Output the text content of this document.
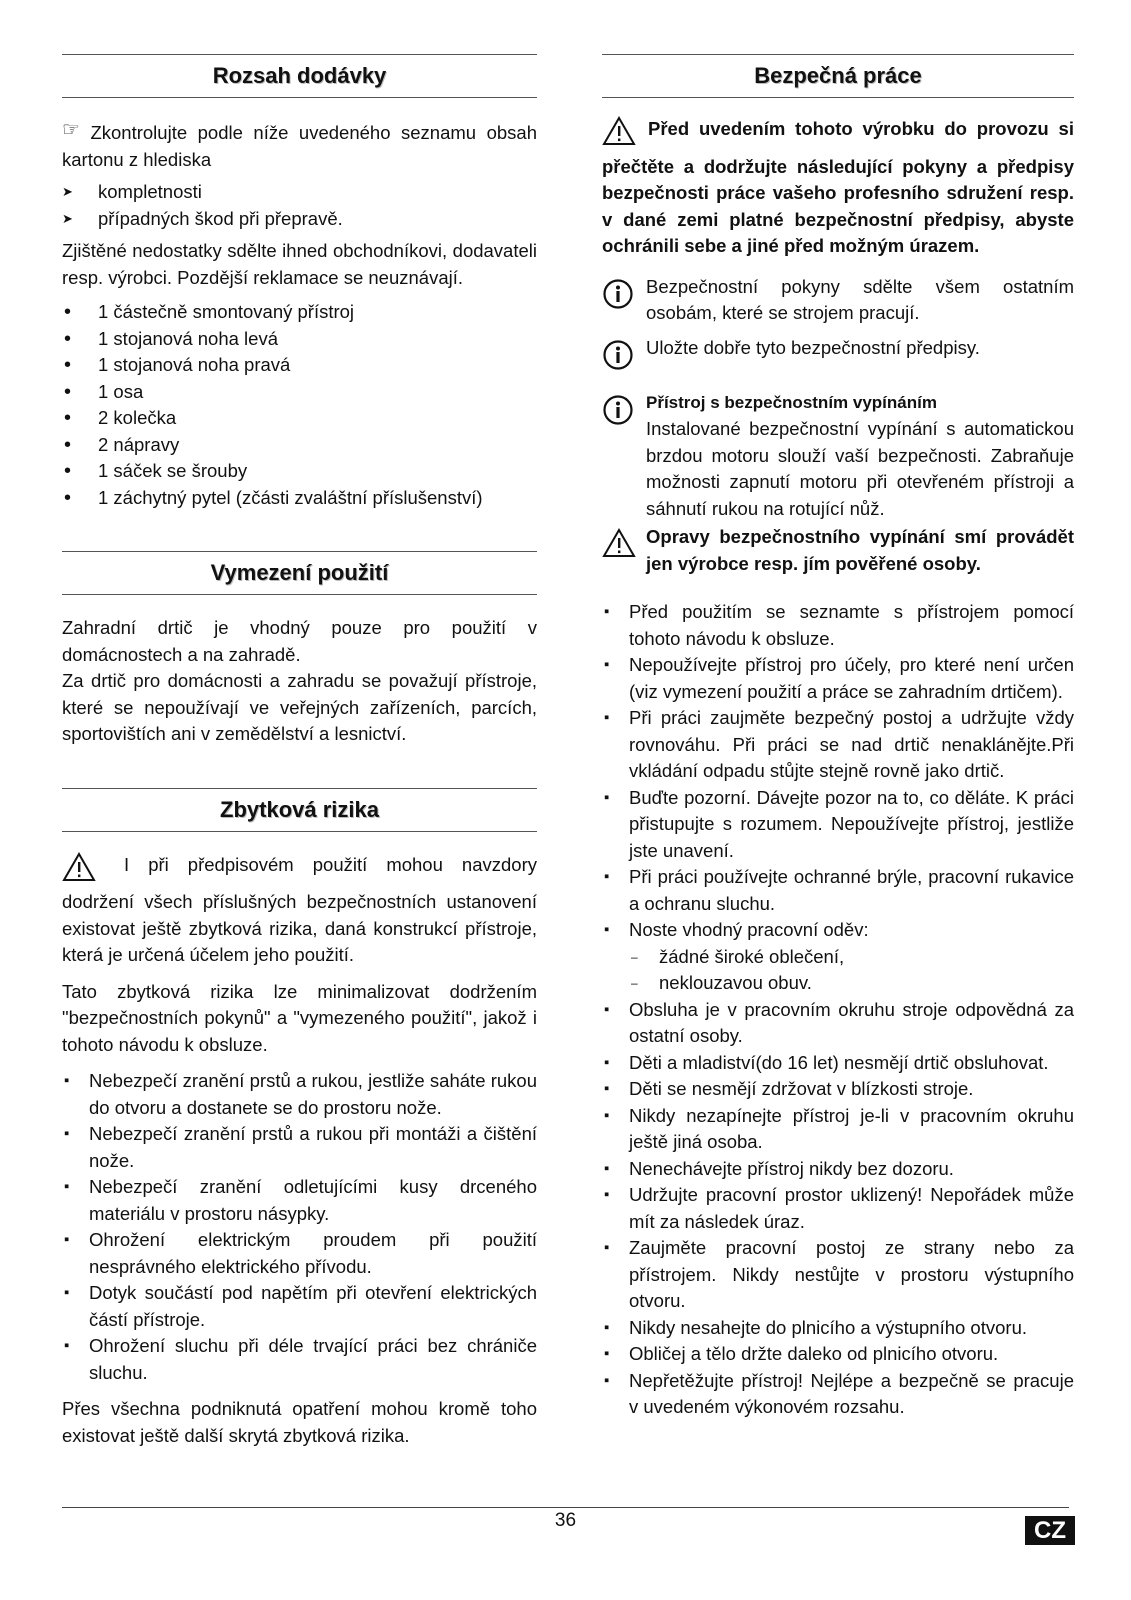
Rozsah dodávky

☞ Zkontrolujte podle níže uvedeného seznamu obsah kartonu z hlediska

➤ kompletnosti
➤ případných škod při přepravě.

Zjištěné nedostatky sdělte ihned obchodníkovi, dodavateli resp. výrobci. Pozdější reklamace se neuznávají.

• 1 částečně smontovaný přístroj
• 1 stojanová noha levá
• 1 stojanová noha pravá
• 1 osa
• 2 kolečka
• 2 nápravy
• 1 sáček se šrouby
• 1 záchytný pytel (zčásti zvaláštní příslušenství)
Vymezení použití

Zahradní drtič je vhodný pouze pro použití v domácnostech a na zahradě.

Za drtič pro domácnosti a zahradu se považují přístroje, které se nepoužívají ve veřejných zařízeních, parcích, sportovištích ani v zemědělství a lesnictví.

Zbytková rizika

I při předpisovém použití mohou navzdory dodržení všech příslušných bezpečnostních ustanovení existovat ještě zbytková rizika, daná konstrukcí přístroje, která je určená účelem jeho použití.

Tato zbytková rizika lze minimalizovat dodržením "bezpečnostních pokynů" a "vymezeného použití", jakož i tohoto návodu k obsluze.

▪ Nebezpečí zranění prstů a rukou, jestliže saháte rukou do otvoru a dostanete se do prostoru nože.
▪ Nebezpečí zranění prstů a rukou při montáži a čištění nože.
▪ Nebezpečí zranění odletujícími kusy drceného materiálu v prostoru násypky.
▪ Ohrožení elektrickým proudem při použití nesprávného elektrického přívodu.
▪ Dotyk součástí pod napětím při otevření elektrických částí přístroje.
▪ Ohrožení sluchu při déle trvající práci bez chrániče sluchu.

Přes všechna podniknutá opatření mohou kromě toho existovat ještě další skrytá zbytková rizika.

Bezpečná práce

Před uvedením tohoto výrobku do provozu si přečtěte a dodržujte následující pokyny a předpisy bezpečnosti práce vašeho profesního sdružení resp. v dané zemi platné bezpečnostní předpisy, abyste ochránili sebe a jiné před možným úrazem.

Bezpečnostní pokyny sdělte všem ostatním osobám, které se strojem pracují.

Uložte dobře tyto bezpečnostní předpisy.

Přístroj s bezpečnostním vypínáním

Instalované bezpečnostní vypínání s automatickou brzdou motoru slouží vaší bezpečnosti. Zabraňuje možnosti zapnutí motoru při otevřeném přístroji a sáhnutí rukou na rotující nůž.

Opravy bezpečnostního vypínání smí provádět jen výrobce resp. jím pověřené osoby.

▪ Před použitím se seznamte s přístrojem pomocí tohoto návodu k obsluze.
▪ Nepoužívejte přístroj pro účely, pro které není určen (viz vymezení použití a práce se zahradním drtičem).
▪ Při práci zaujměte bezpečný postoj a udržujte vždy rovnováhu. Při práci se nad drtič nenaklánějte.Při vkládání odpadu stůjte stejně rovně jako drtič.
▪ Buďte pozorní. Dávejte pozor na to, co děláte. K práci přistupujte s rozumem. Nepoužívejte přístroj, jestliže jste unavení.
▪ Při práci používejte ochranné brýle, pracovní rukavice a ochranu sluchu.
▪ Noste vhodný pracovní oděv:
– žádné široké oblečení,
– neklouzavou obuv.
▪ Obsluha je v pracovním okruhu stroje odpovědná za ostatní osoby.
▪ Děti a mladiství(do 16 let) nesmějí drtič obsluhovat.
▪ Děti se nesmějí zdržovat v blízkosti stroje.
▪ Nikdy nezapínejte přístroj je-li v pracovním okruhu ještě jiná osoba.
▪ Nenechávejte přístroj nikdy bez dozoru.
▪ Udržujte pracovní prostor uklizený! Nepořádek může mít za následek úraz.
▪ Zaujměte pracovní postoj ze strany nebo za přístrojem. Nikdy nestůjte v prostoru výstupního otvoru.
▪ Nikdy nesahejte do plnicího a výstupního otvoru.
▪ Obličej a tělo držte daleko od plnicího otvoru.
▪ Nepřetěžujte přístroj! Nejlépe a bezpečně se pracuje v uvedeném výkonovém rozsahu.
36	CZ
